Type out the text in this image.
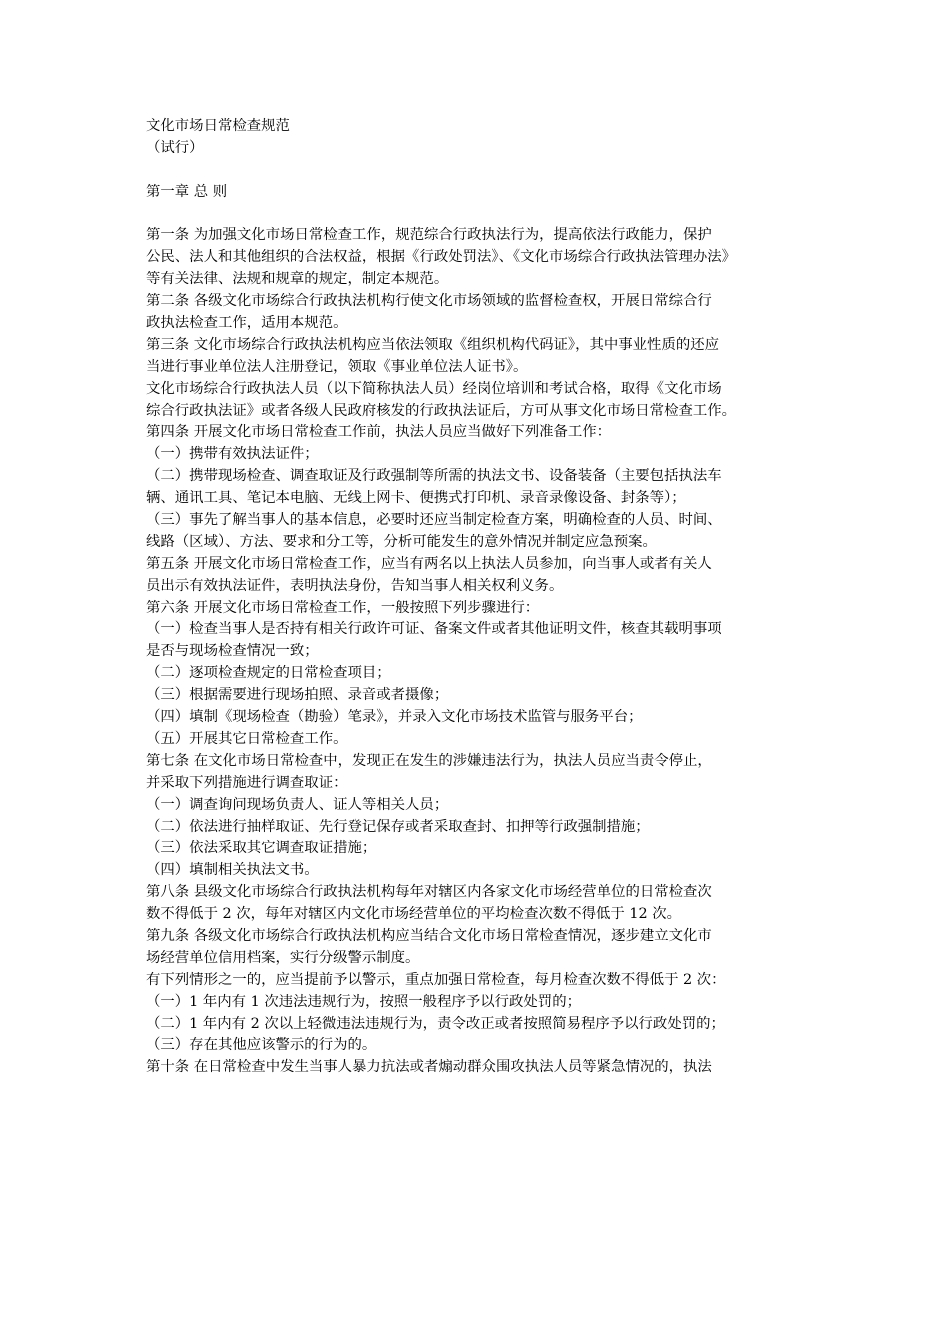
文化市场日常检查规范
（试行）
第一章 总 则
第一条 为加强文化市场日常检查工作，规范综合行政执法行为，提高依法行政能力，保护
公民、法人和其他组织的合法权益，根据《行政处罚法》、《文化市场综合行政执法管理办法》
等有关法律、法规和规章的规定，制定本规范。
第二条 各级文化市场综合行政执法机构行使文化市场领域的监督检查权，开展日常综合行
政执法检查工作，适用本规范。
第三条 文化市场综合行政执法机构应当依法领取《组织机构代码证》，其中事业性质的还应
当进行事业单位法人注册登记，领取《事业单位法人证书》。
文化市场综合行政执法人员（以下简称执法人员）经岗位培训和考试合格，取得《文化市场
综合行政执法证》或者各级人民政府核发的行政执法证后，方可从事文化市场日常检查工作。
第四条 开展文化市场日常检查工作前，执法人员应当做好下列准备工作：
（一）携带有效执法证件；
（二）携带现场检查、调查取证及行政强制等所需的执法文书、设备装备（主要包括执法车
辆、通讯工具、笔记本电脑、无线上网卡、便携式打印机、录音录像设备、封条等）；
（三）事先了解当事人的基本信息，必要时还应当制定检查方案，明确检查的人员、时间、
线路（区域）、方法、要求和分工等，分析可能发生的意外情况并制定应急预案。
第五条 开展文化市场日常检查工作，应当有两名以上执法人员参加，向当事人或者有关人
员出示有效执法证件，表明执法身份，告知当事人相关权利义务。
第六条 开展文化市场日常检查工作，一般按照下列步骤进行：
（一）检查当事人是否持有相关行政许可证、备案文件或者其他证明文件，核查其载明事项
是否与现场检查情况一致；
（二）逐项检查规定的日常检查项目；
（三）根据需要进行现场拍照、录音或者摄像；
（四）填制《现场检查（勘验）笔录》，并录入文化市场技术监管与服务平台；
（五）开展其它日常检查工作。
第七条 在文化市场日常检查中，发现正在发生的涉嫌违法行为，执法人员应当责令停止，
并采取下列措施进行调查取证：
（一）调查询问现场负责人、证人等相关人员；
（二）依法进行抽样取证、先行登记保存或者采取查封、扣押等行政强制措施；
（三）依法采取其它调查取证措施；
（四）填制相关执法文书。
第八条 县级文化市场综合行政执法机构每年对辖区内各家文化市场经营单位的日常检查次
数不得低于 2 次，每年对辖区内文化市场经营单位的平均检查次数不得低于 12 次。
第九条 各级文化市场综合行政执法机构应当结合文化市场日常检查情况，逐步建立文化市
场经营单位信用档案，实行分级警示制度。
有下列情形之一的，应当提前予以警示，重点加强日常检查，每月检查次数不得低于 2 次：
（一）1 年内有 1 次违法违规行为，按照一般程序予以行政处罚的；
（二）1 年内有 2 次以上轻微违法违规行为，责令改正或者按照简易程序予以行政处罚的；
（三）存在其他应该警示的行为的。
第十条 在日常检查中发生当事人暴力抗法或者煽动群众围攻执法人员等紧急情况的，执法
